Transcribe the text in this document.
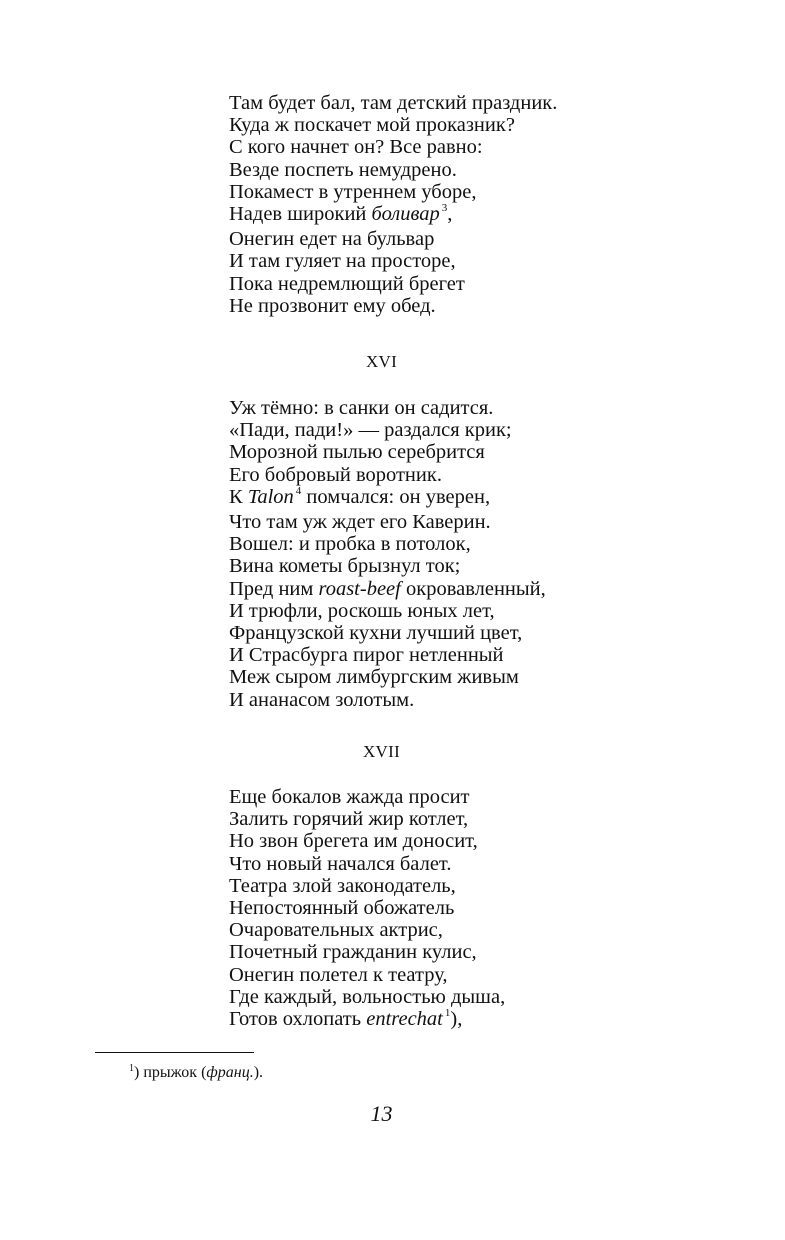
Там будет бал, там детский праздник.
Куда ж поскачет мой проказник?
С кого начнет он? Все равно:
Везде поспеть немудрено.
Покамест в утреннем уборе,
Надев широкий боливар $^3$,
Онегин едет на бульвар
И там гуляет на просторе,
Пока недремлющий брегет
Не прозвонит ему обед.
XVI
Уж тёмно: в санки он садится.
«Пади, пади!» — раздался крик;
Морозной пылью серебрится
Его бобровый воротник.
К Talon $^4$ помчался: он уверен,
Что там уж ждет его Каверин.
Вошел: и пробка в потолок,
Вина кометы брызнул ток;
Пред ним roast-beef окровавленный,
И трюфли, роскошь юных лет,
Французской кухни лучший цвет,
И Страсбурга пирог нетленный
Меж сыром лимбургским живым
И ананасом золотым.
XVII
Еще бокалов жажда просит
Залить горячий жир котлет,
Но звон брегета им доносит,
Что новый начался балет.
Театра злой законодатель,
Непостоянный обожатель
Очаровательных актрис,
Почетный гражданин кулис,
Онегин полетел к театру,
Где каждый, вольностью дыша,
Готов охлопать entrechat $^1$),
$^1$) прыжок (франц.).
13
